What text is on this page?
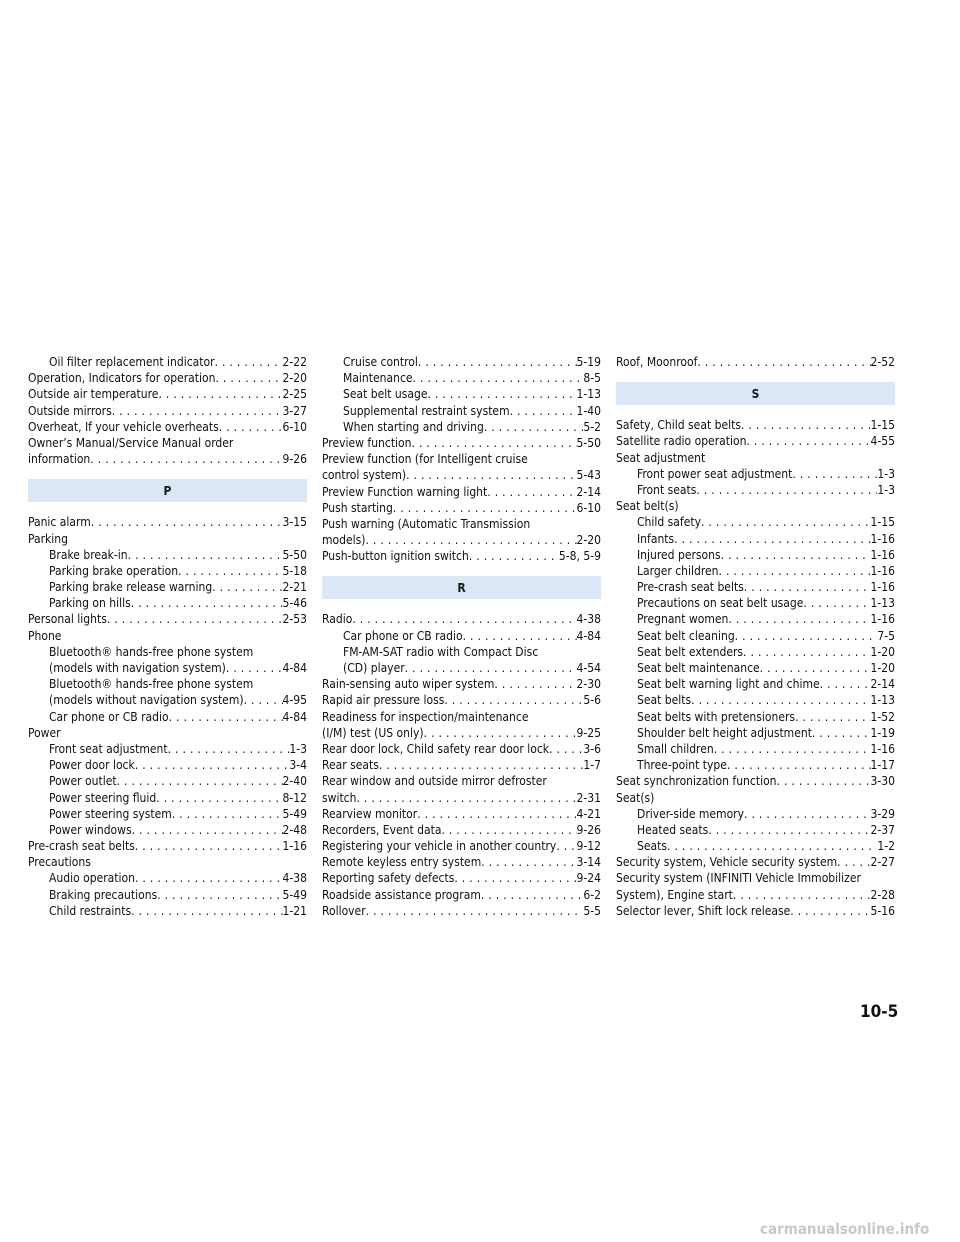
Oil filter replacement indicator . . .	2-22
Operation, Indicators for operation . . .	2-20
Outside air temperature . . .	2-25
Outside mirrors . . .	3-27
Overheat, If your vehicle overheats . . .	6-10
Owner’s Manual/Service Manual order
information . . .	9-26
P
Panic alarm . . .	3-15
Parking
Brake break-in . . .	5-50
Parking brake operation . . .	5-18
Parking brake release warning . . .	2-21
Parking on hills . . .	5-46
Personal lights . . .	2-53
Phone
Bluetooth® hands-free phone system
(models with navigation system) . . .	4-84
Bluetooth® hands-free phone system
(models without navigation system) . . .	4-95
Car phone or CB radio . . .	4-84
Power
Front seat adjustment . . .	1-3
Power door lock . . .	3-4
Power outlet . . .	2-40
Power steering fluid . . .	8-12
Power steering system . . .	5-49
Power windows . . .	2-48
Pre-crash seat belts . . .	1-16
Precautions
Audio operation . . .	4-38
Braking precautions . . .	5-49
Child restraints . . .	1-21
Cruise control . . .	5-19
Maintenance . . .	8-5
Seat belt usage . . .	1-13
Supplemental restraint system . . .	1-40
When starting and driving . . .	5-2
Preview function . . .	5-50
Preview function (for Intelligent cruise
control system) . . .	5-43
Preview Function warning light . . .	2-14
Push starting . . .	6-10
Push warning (Automatic Transmission
models) . . .	2-20
Push-button ignition switch . . .	5-8, 5-9
R
Radio . . .	4-38
Car phone or CB radio . . .	4-84
FM-AM-SAT radio with Compact Disc
(CD) player . . .	4-54
Rain-sensing auto wiper system . . .	2-30
Rapid air pressure loss . . .	5-6
Readiness for inspection/maintenance
(I/M) test (US only) . . .	9-25
Rear door lock, Child safety rear door lock . . .	3-6
Rear seats . . .	1-7
Rear window and outside mirror defroster
switch . . .	2-31
Rearview monitor . . .	4-21
Recorders, Event data . . .	9-26
Registering your vehicle in another country . . . 9-12
Remote keyless entry system . . .	3-14
Reporting safety defects . . .	9-24
Roadside assistance program . . .	6-2
Rollover . . .	5-5
Roof, Moonroof . . .	2-52
S
Safety, Child seat belts . . .	1-15
Satellite radio operation . . .	4-55
Seat adjustment
Front power seat adjustment . . .	1-3
Front seats . . .	1-3
Seat belt(s)
Child safety . . .	1-15
Infants . . .	1-16
Injured persons . . .	1-16
Larger children . . .	1-16
Pre-crash seat belts . . .	1-16
Precautions on seat belt usage . . .	1-13
Pregnant women . . .	1-16
Seat belt cleaning . . .	7-5
Seat belt extenders . . .	1-20
Seat belt maintenance . . .	1-20
Seat belt warning light and chime . . .	2-14
Seat belts . . .	1-13
Seat belts with pretensioners . . .	1-52
Shoulder belt height adjustment . . .	1-19
Small children . . .	1-16
Three-point type . . .	1-17
Seat synchronization function . . .	3-30
Seat(s)
Driver-side memory . . .	3-29
Heated seats . . .	2-37
Seats . . .	1-2
Security system, Vehicle security system . . .	2-27
Security system (INFINITI Vehicle Immobilizer
System), Engine start . . .	2-28
Selector lever, Shift lock release . . .	5-16
10-5
carmanualsonline.info
